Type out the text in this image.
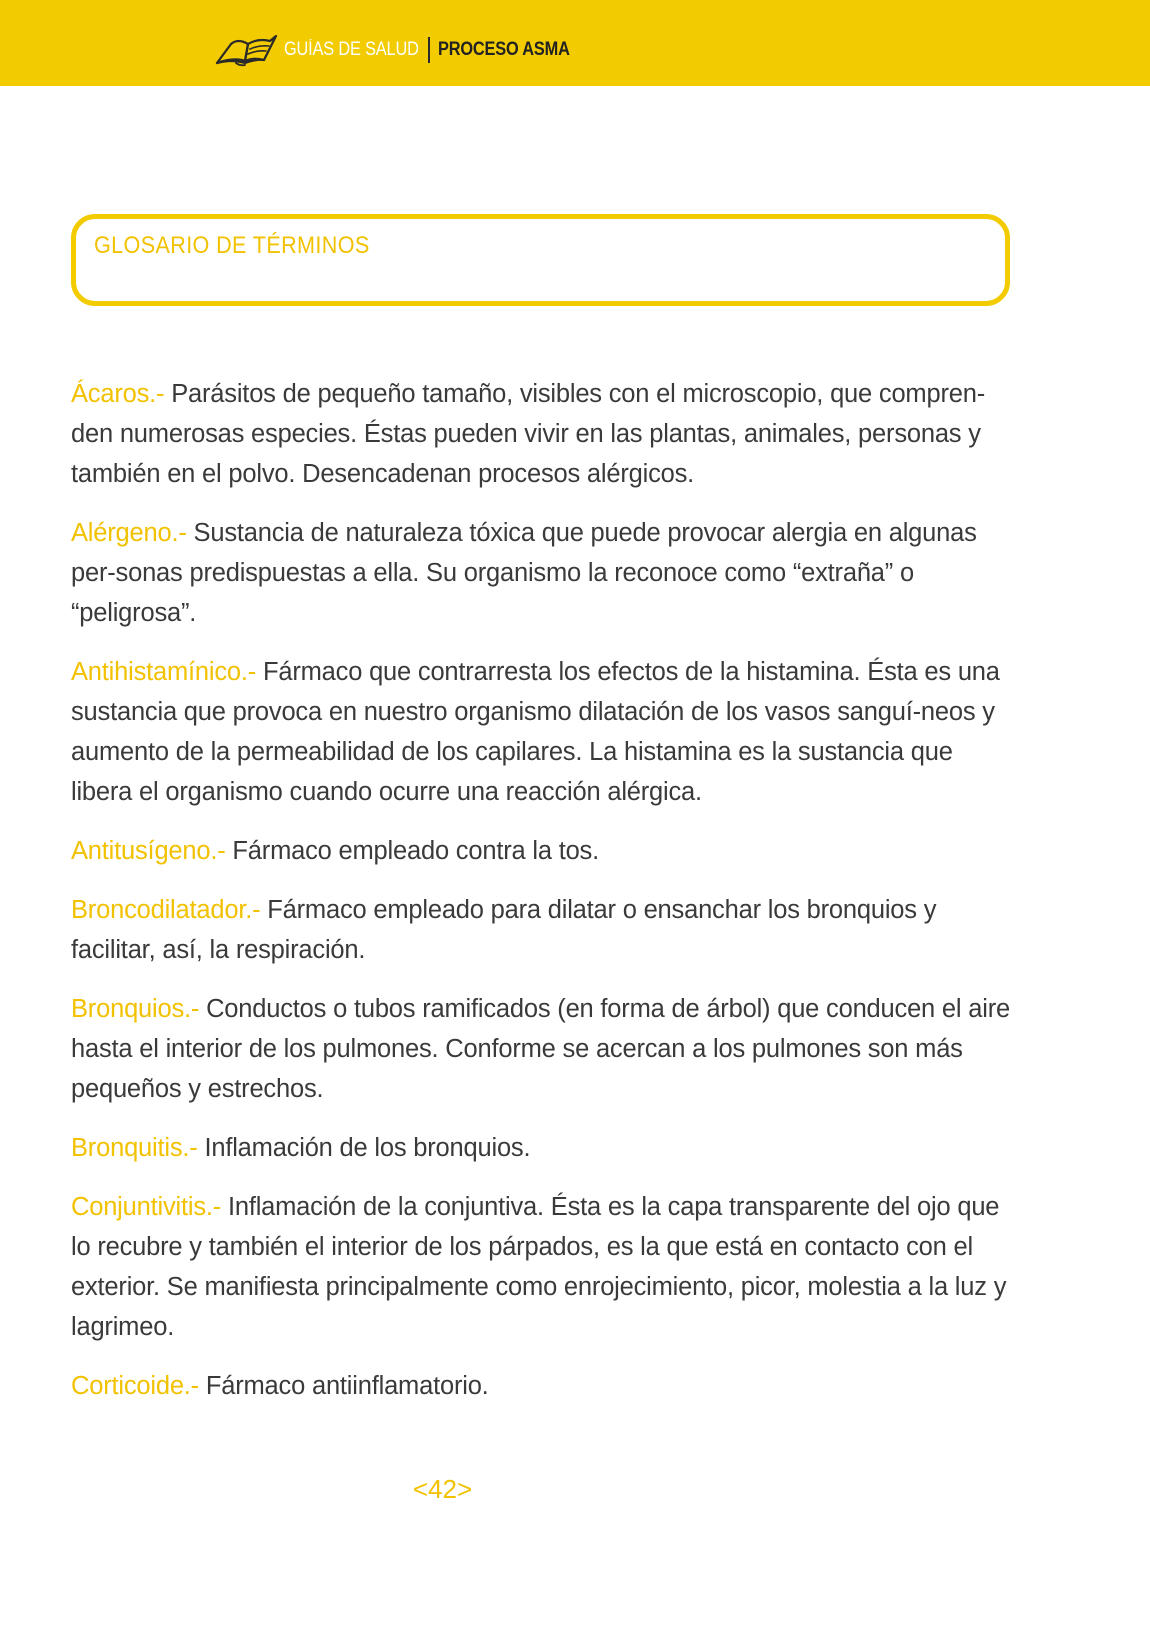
GUÍAS DE SALUD PROCESO ASMA
GLOSARIO DE TÉRMINOS

Ácaros.- Parásitos de pequeño tamaño, visibles con el microscopio, que compren-den numerosas especies. Éstas pueden vivir en las plantas, animales, personas y también en el polvo. Desencadenan procesos alérgicos.

Alérgeno.- Sustancia de naturaleza tóxica que puede provocar alergia en algunas per-sonas predispuestas a ella. Su organismo la reconoce como “extraña” o “peligrosa”.

Antihistamínico.- Fármaco que contrarresta los efectos de la histamina. Ésta es una sustancia que provoca en nuestro organismo dilatación de los vasos sanguí-neos y aumento de la permeabilidad de los capilares. La histamina es la sustancia que libera el organismo cuando ocurre una reacción alérgica.

Antitusígeno.- Fármaco empleado contra la tos.

Broncodilatador.- Fármaco empleado para dilatar o ensanchar los bronquios y facilitar, así, la respiración.

Bronquios.- Conductos o tubos ramificados (en forma de árbol) que conducen el aire hasta el interior de los pulmones. Conforme se acercan a los pulmones son más pequeños y estrechos.

Bronquitis.- Inflamación de los bronquios.

Conjuntivitis.- Inflamación de la conjuntiva. Ésta es la capa transparente del ojo que lo recubre y también el interior de los párpados, es la que está en contacto con el exterior. Se manifiesta principalmente como enrojecimiento, picor, molestia a la luz y lagrimeo.

Corticoide.- Fármaco antiinflamatorio.

<42>
